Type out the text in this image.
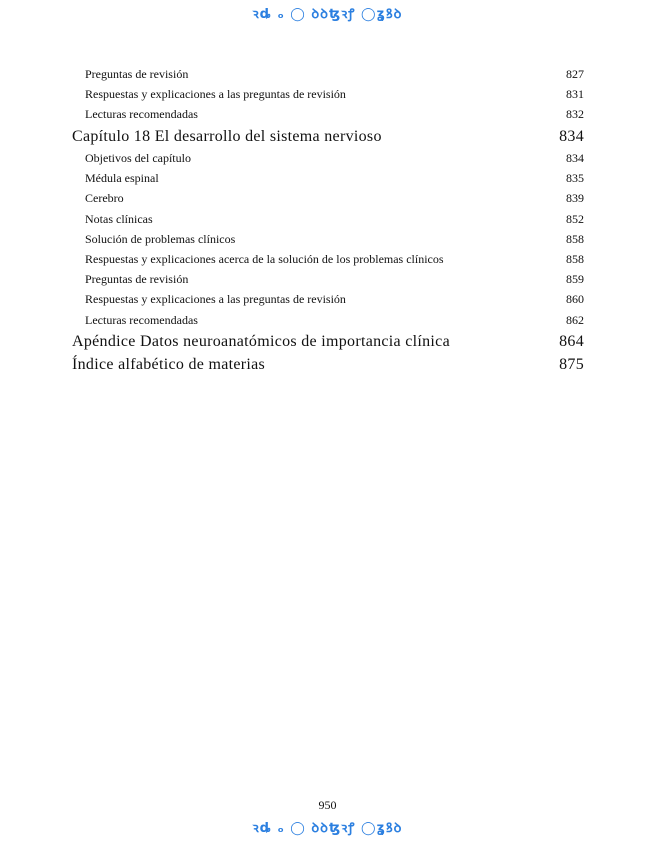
ꝛȡ ₒ ◯ ꝺꝺꜩꝛꝭ ◯ʓꝸꝺ
Preguntas de revisión	827
Respuestas y explicaciones a las preguntas de revisión	831
Lecturas recomendadas	832
Capítulo 18 El desarrollo del sistema nervioso	834
Objetivos del capítulo	834
Médula espinal	835
Cerebro	839
Notas clínicas	852
Solución de problemas clínicos	858
Respuestas y explicaciones acerca de la solución de los problemas clínicos	858
Preguntas de revisión	859
Respuestas y explicaciones a las preguntas de revisión	860
Lecturas recomendadas	862
Apéndice Datos neuroanatómicos de importancia clínica	864
Índice alfabético de materias	875
950
ꝛȡ ₒ ◯ ꝺꝺꜩꝛꝭ ◯ʓꝸꝺ
